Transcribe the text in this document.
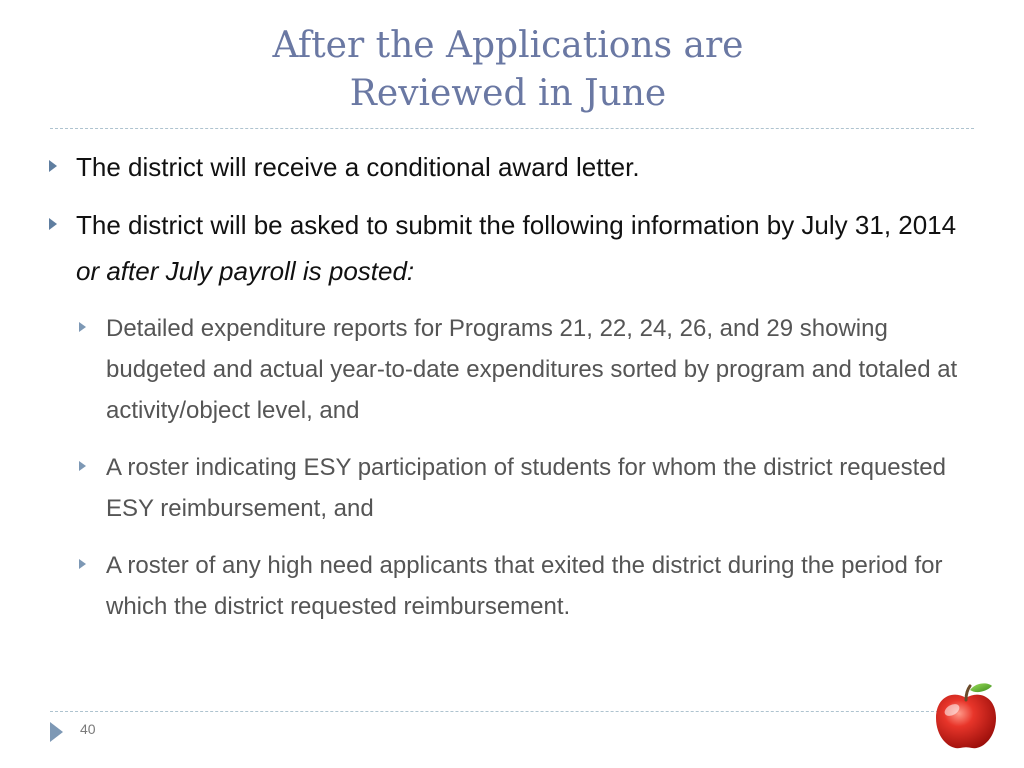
After the Applications are
Reviewed in June
The district will receive a conditional award letter.
The district will be asked to submit the following information by July 31, 2014 or after July payroll is posted:
Detailed expenditure reports for Programs 21, 22, 24, 26, and 29 showing budgeted and actual year-to-date expenditures sorted by program and totaled at activity/object level, and
A roster indicating ESY participation of students for whom the district requested ESY reimbursement, and
A roster of any high need applicants that exited the district during the period for which the district requested reimbursement.
40
